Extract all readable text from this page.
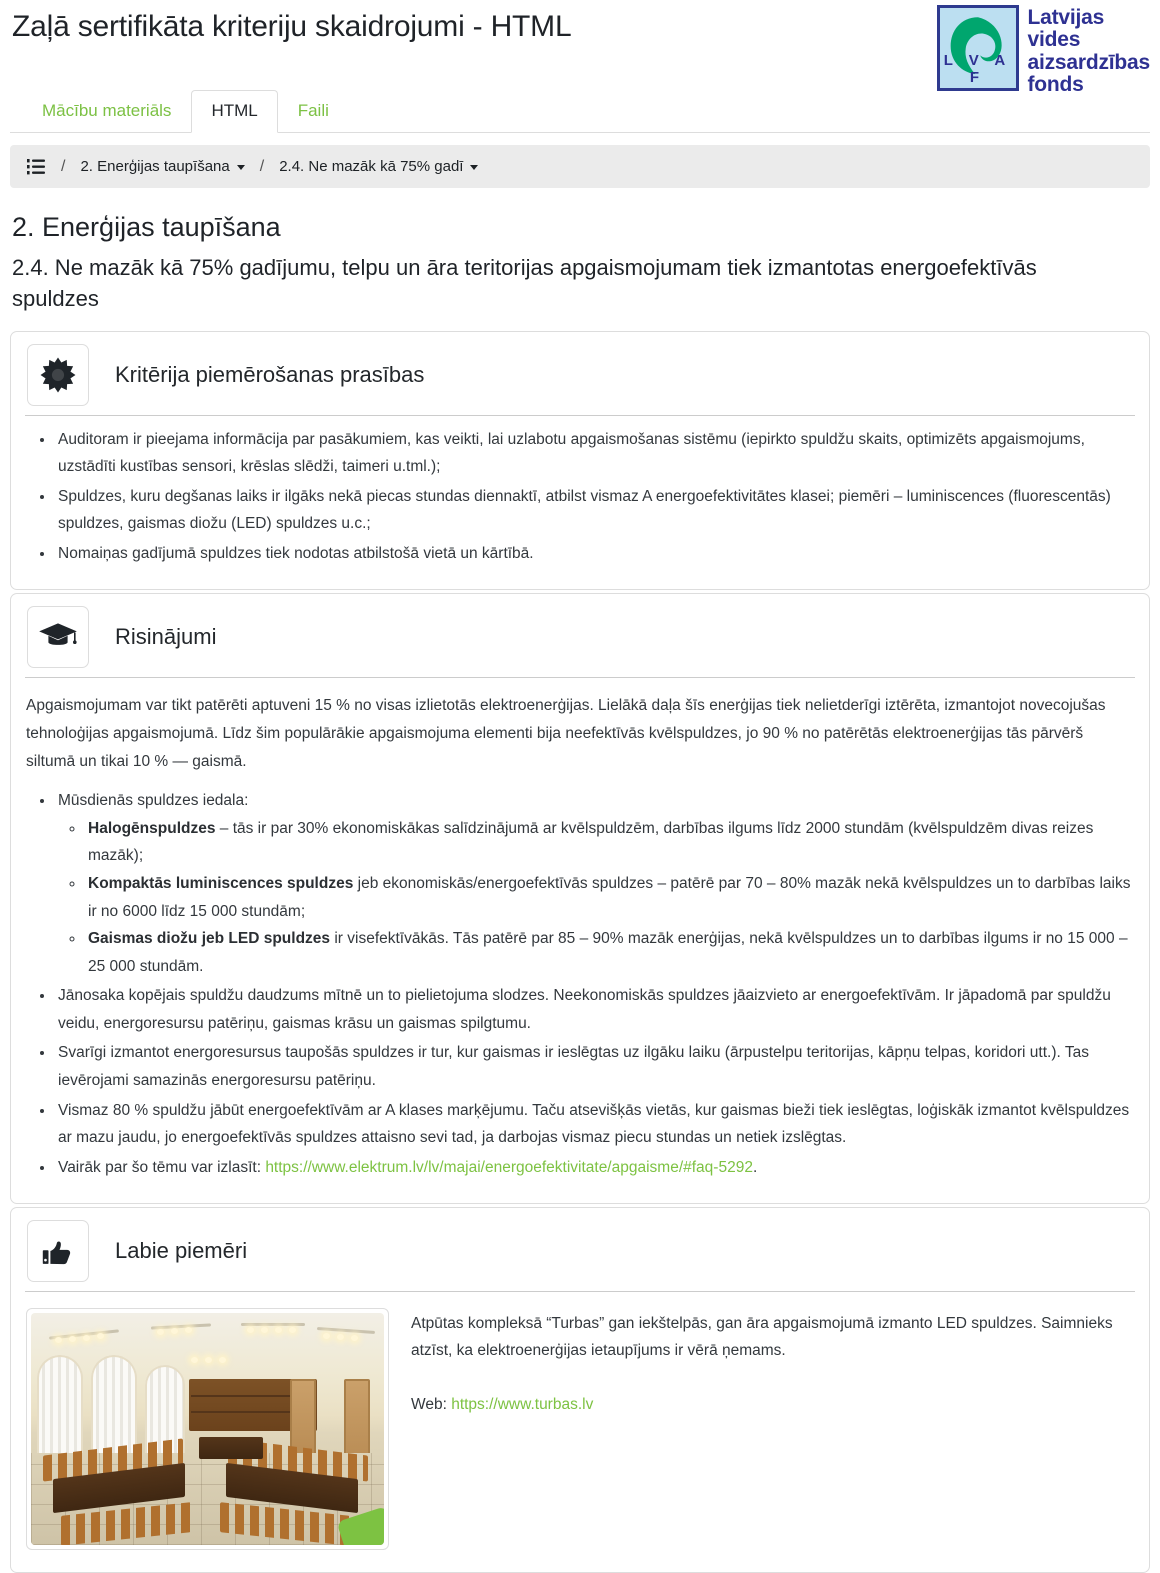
Zaļā sertifikāta kriteriju skaidrojumi - HTML
L V A F
Latvijas
vides
aizsardzības
fonds
Mācību materiāls	HTML	Faili
/ 2. Enerģijas taupīšana / 2.4. Ne mazāk kā 75% gadī
2. Enerģijas taupīšana
2.4. Ne mazāk kā 75% gadījumu, telpu un āra teritorijas apgaismojumam tiek izmantotas energoefektīvās spuldzes
Kritērija piemērošanas prasības
• Auditoram ir pieejama informācija par pasākumiem, kas veikti, lai uzlabotu apgaismošanas sistēmu (iepirkto spuldžu skaits, optimizēts apgaismojums, uzstādīti kustības sensori, krēslas slēdži, taimeri u.tml.);
• Spuldzes, kuru degšanas laiks ir ilgāks nekā piecas stundas diennaktī, atbilst vismaz A energoefektivitātes klasei; piemēri – luminiscences (fluorescentās) spuldzes, gaismas diožu (LED) spuldzes u.c.;
• Nomaiņas gadījumā spuldzes tiek nodotas atbilstošā vietā un kārtībā.
Risinājumi

Apgaismojumam var tikt patērēti aptuveni 15 % no visas izlietotās elektroenerģijas. Lielākā daļa šīs enerģijas tiek nelietderīgi iztērēta, izmantojot novecojušas tehnoloģijas apgaismojumā. Līdz šim populārākie apgaismojuma elementi bija neefektīvās kvēlspuldzes, jo 90 % no patērētās elektroenerģijas tās pārvērš siltumā un tikai 10 % — gaismā.

• Mūsdienās spuldzes iedala:
◦ Halogēnspuldzes – tās ir par 30% ekonomiskākas salīdzinājumā ar kvēlspuldzēm, darbības ilgums līdz 2000 stundām (kvēlspuldzēm divas reizes mazāk);
◦ Kompaktās luminiscences spuldzes jeb ekonomiskās/energoefektīvās spuldzes – patērē par 70 – 80% mazāk nekā kvēlspuldzes un to darbības laiks ir no 6000 līdz 15 000 stundām;
◦ Gaismas diožu jeb LED spuldzes ir visefektīvākās. Tās patērē par 85 – 90% mazāk enerģijas, nekā kvēlspuldzes un to darbības ilgums ir no 15 000 – 25 000 stundām.
• Jānosaka kopējais spuldžu daudzums mītnē un to pielietojuma slodzes. Neekonomiskās spuldzes jāaizvieto ar energoefektīvām. Ir jāpadomā par spuldžu veidu, energoresursu patēriņu, gaismas krāsu un gaismas spilgtumu.
• Svarīgi izmantot energoresursus taupošās spuldzes ir tur, kur gaismas ir ieslēgtas uz ilgāku laiku (ārpustelpu teritorijas, kāpņu telpas, koridori utt.). Tas ievērojami samazinās energoresursu patēriņu.
• Vismaz 80 % spuldžu jābūt energoefektīvām ar A klases marķējumu. Taču atsevišķās vietās, kur gaismas bieži tiek ieslēgtas, loģiskāk izmantot kvēlspuldzes ar mazu jaudu, jo energoefektīvās spuldzes attaisno sevi tad, ja darbojas vismaz piecu stundas un netiek izslēgtas.
• Vairāk par šo tēmu var izlasīt: https://www.elektrum.lv/lv/majai/energoefektivitate/apgaisme/#faq-5292.
Labie piemēri

Atpūtas kompleksā “Turbas” gan iekštelpās, gan āra apgaismojumā izmanto LED spuldzes. Saimnieks atzīst, ka elektroenerģijas ietaupījums ir vērā ņemams.

Web: https://www.turbas.lv
